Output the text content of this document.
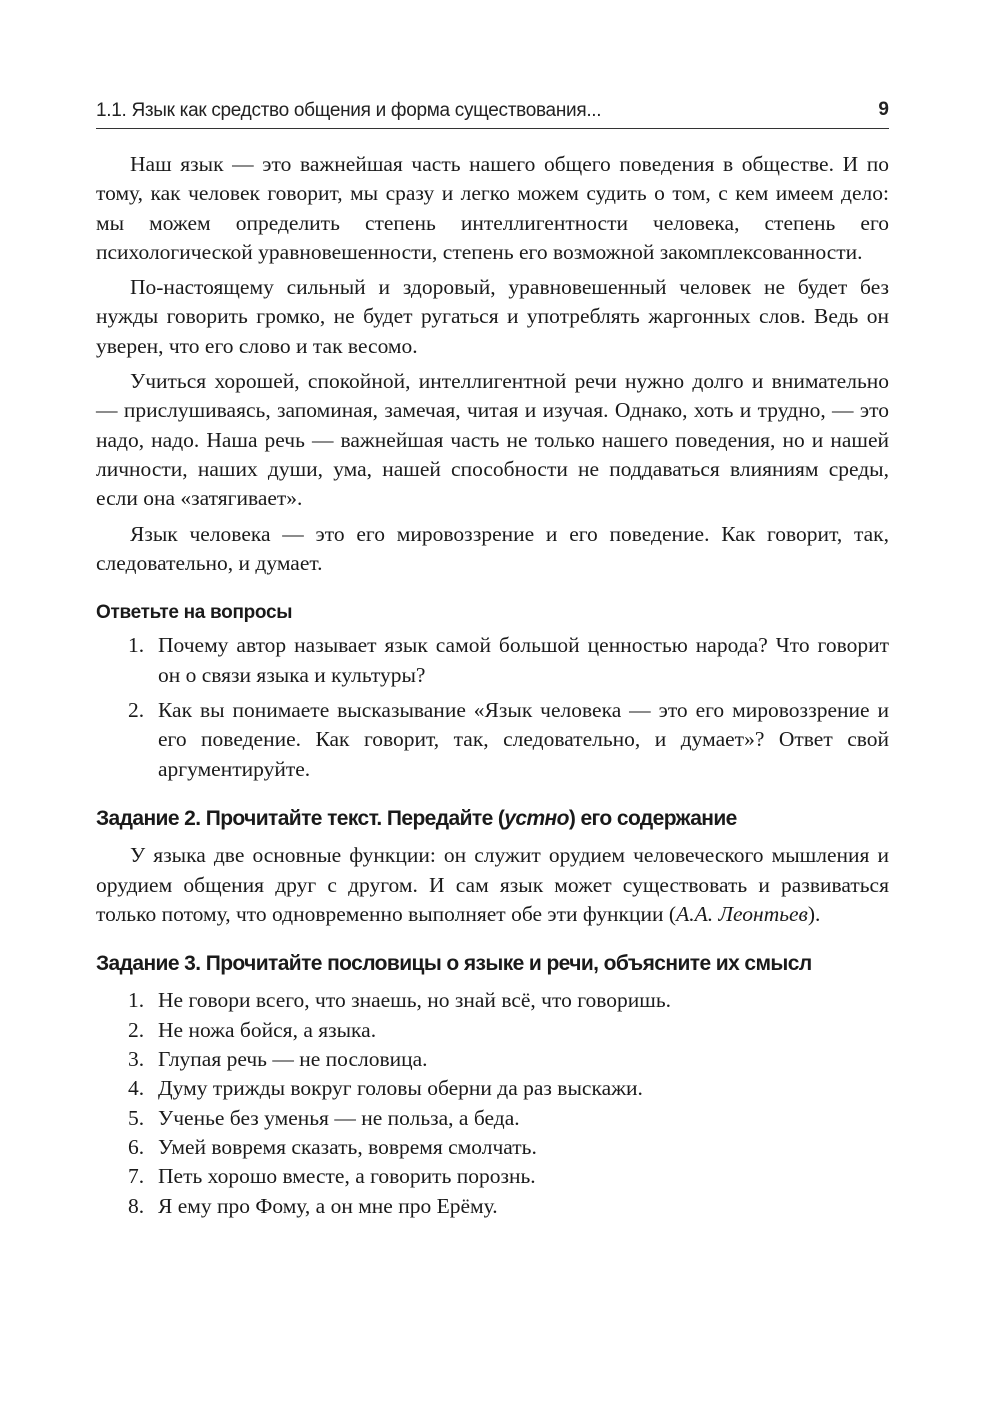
1.1. Язык как средство общения и форма существования...	9

Наш язык — это важнейшая часть нашего общего поведения в обществе. И по тому, как человек говорит, мы сразу и легко можем судить о том, с кем имеем дело: мы можем определить степень интеллигентности человека, степень его психологической уравновешенности, степень его возможной закомплексованности.

По-настоящему сильный и здоровый, уравновешенный человек не будет без нужды говорить громко, не будет ругаться и употреблять жаргонных слов. Ведь он уверен, что его слово и так весомо.

Учиться хорошей, спокойной, интеллигентной речи нужно долго и внимательно — прислушиваясь, запоминая, замечая, читая и изучая. Однако, хоть и трудно, — это надо, надо. Наша речь — важнейшая часть не только нашего поведения, но и нашей личности, наших души, ума, нашей способности не поддаваться влияниям среды, если она «затягивает».

Язык человека — это его мировоззрение и его поведение. Как говорит, так, следовательно, и думает.

Ответьте на вопросы
1. Почему автор называет язык самой большой ценностью народа? Что говорит он о связи языка и культуры?
2. Как вы понимаете высказывание «Язык человека — это его мировоззрение и его поведение. Как говорит, так, следовательно, и думает»? Ответ свой аргументируйте.
Задание 2. Прочитайте текст. Передайте (устно) его содержание

У языка две основные функции: он служит орудием человеческого мышления и орудием общения друг с другом. И сам язык может существовать и развиваться только потому, что одновременно выполняет обе эти функции (А.А. Леонтьев).

Задание 3. Прочитайте пословицы о языке и речи, объясните их смысл
1. Не говори всего, что знаешь, но знай всё, что говоришь.
2. Не ножа бойся, а языка.
3. Глупая речь — не пословица.
4. Думу трижды вокруг головы оберни да раз выскажи.
5. Ученье без уменья — не польза, а беда.
6. Умей вовремя сказать, вовремя смолчать.
7. Петь хорошо вместе, а говорить порознь.
8. Я ему про Фому, а он мне про Ерёму.
